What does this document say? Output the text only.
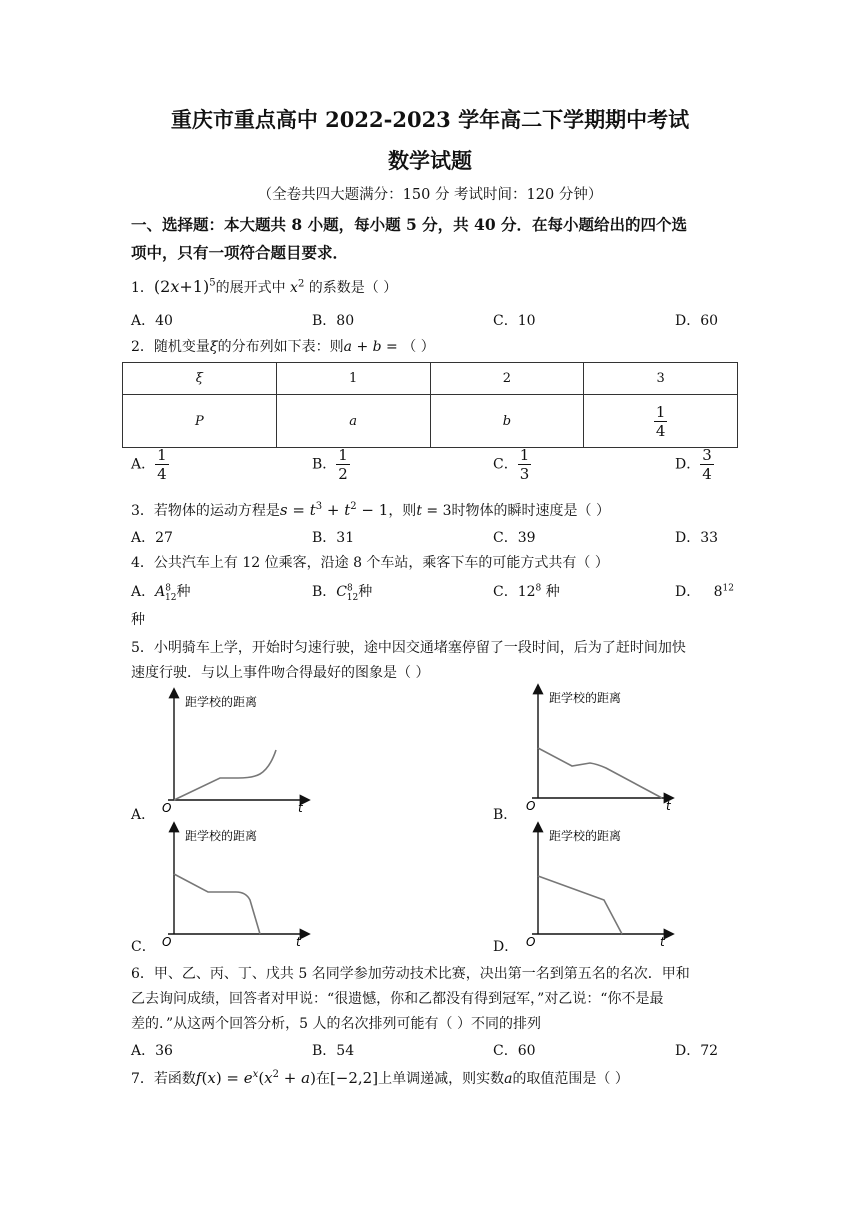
重庆市重点高中 2022-2023 学年高二下学期期中考试
数学试题
（全卷共四大题满分：150 分 考试时间：120 分钟）
一、选择题：本大题共 8 小题，每小题 5 分，共 40 分．在每小题给出的四个选
项中，只有一项符合题目要求．
1．$(2x+1)^5$的展开式中 $x^2$ 的系数是（ ）
A．40	B．80	C．10	D．60
2．随机变量ξ的分布列如下表：则a + b = （ ）
ξ	1	2	3
P	a	b	$\frac{1}{4}$
A． $\frac{1}{4}$	B． $\frac{1}{2}$	C． $\frac{1}{3}$	D． $\frac{3}{4}$
3．若物体的运动方程是$s = t^3 + t^2 - 1$，则t = 3时物体的瞬时速度是（ ）
A．27	B．31	C．39	D．33
4．公共汽车上有 12 位乘客，沿途 8 个车站，乘客下车的可能方式共有（ ）
A．$A^8_{12}$种	B．$C^8_{12}$种	C．$12^8$ 种	D．   $8^{12}$
种
5．小明骑车上学，开始时匀速行驶，途中因交通堵塞停留了一段时间，后为了赶时间加快
速度行驶．与以上事件吻合得最好的图象是（ ）
A．
距学校的距离
O	t	B．
距学校的距离
O	t
C．
距学校的距离
O	t	D．
距学校的距离
O	t
6．甲、乙、丙、丁、戊共 5 名同学参加劳动技术比赛，决出第一名到第五名的名次．甲和
乙去询问成绩，回答者对甲说：“很遗憾，你和乙都没有得到冠军，”对乙说：“你不是最
差的．”从这两个回答分析，5 人的名次排列可能有（ ）不同的排列
A．36	B．54	C．60	D．72
7．若函数$f(x) = e^x(x^2 + a)$在[−2,2]上单调递减，则实数a的取值范围是（ ）
